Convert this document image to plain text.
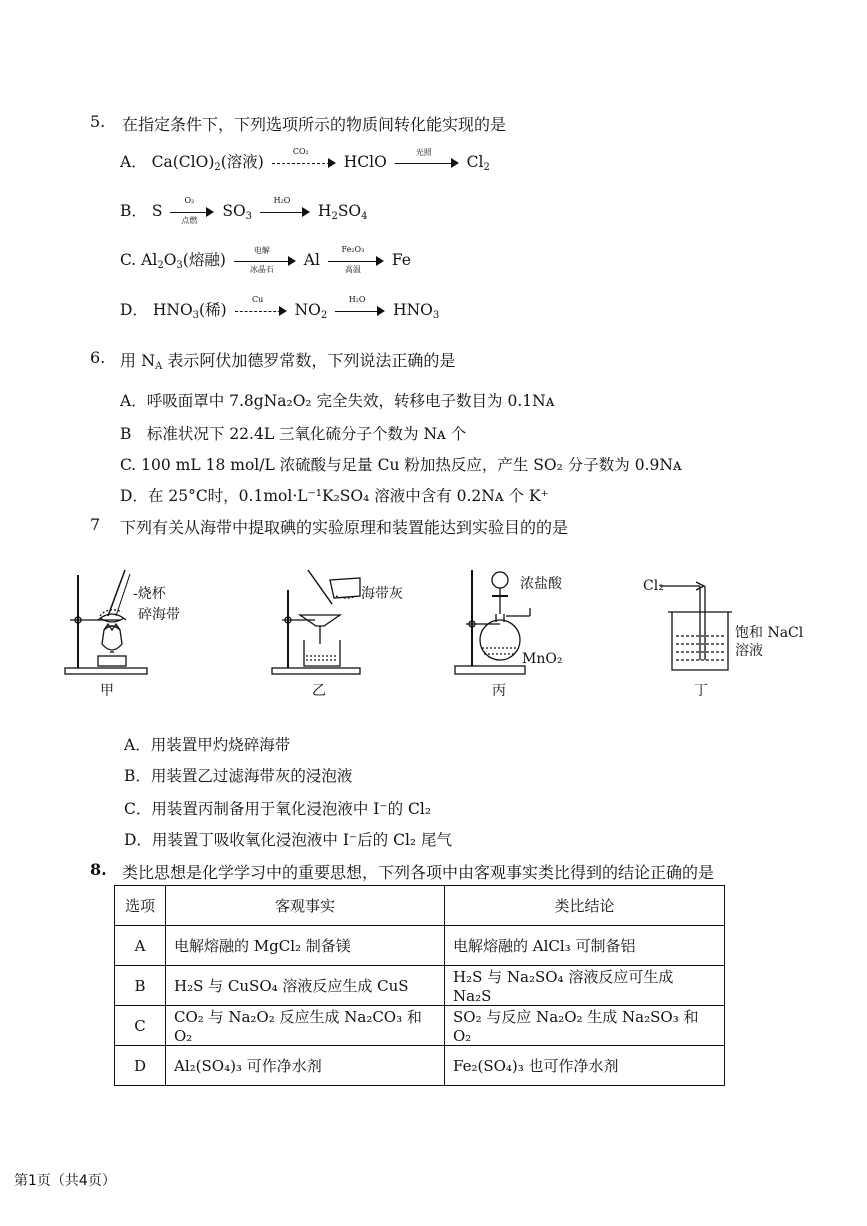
5. 在指定条件下，下列选项所示的物质间转化能实现的是
A． $Ca(ClO)_2$(溶液)
CO₂
HClO
光照
$Cl_2$
B． S
O₂
点燃
$SO_3$
H₂O
$H_2SO_4$
C. $Al_2O_3$(熔融)
电解
冰晶石
Al
Fe₂O₃
高温
Fe
D． $HNO_3$(稀)
Cu
$NO_2$
H₂O
$HNO_3$
6. 用 $N_A$ 表示阿伏加德罗常数，下列说法正确的是
A．呼吸面罩中 7.8gNa₂O₂ 完全失效，转移电子数目为 0.1Nᴀ
B　标准状况下 22.4L 三氧化硫分子个数为 Nᴀ 个
C. 100 mL 18 mol/L 浓硫酸与足量 Cu 粉加热反应，产生 SO₂ 分子数为 0.9Nᴀ
D．在 25°C时，0.1mol·L⁻¹K₂SO₄ 溶液中含有 0.2Nᴀ 个 K⁺
7 下列有关从海带中提取碘的实验原理和装置能达到实验目的的是
-烧杯
碎海带
海带灰
浓盐酸
MnO₂
Cl₂
饱和 NaCl
溶液
甲	乙	丙	丁
A．用装置甲灼烧碎海带
B．用装置乙过滤海带灰的浸泡液
C．用装置丙制备用于氧化浸泡液中 I⁻的 Cl₂
D．用装置丁吸收氧化浸泡液中 I⁻后的 Cl₂ 尾气
8. 类比思想是化学学习中的重要思想，下列各项中由客观事实类比得到的结论正确的是
选项	客观事实	类比结论
A	电解熔融的 MgCl₂ 制备镁	电解熔融的 AlCl₃ 可制备铝
B	H₂S 与 CuSO₄ 溶液反应生成 CuS	H₂S 与 Na₂SO₄ 溶液反应可生成 Na₂S
C	CO₂ 与 Na₂O₂ 反应生成 Na₂CO₃ 和 O₂	SO₂ 与反应 Na₂O₂ 生成 Na₂SO₃ 和 O₂
D	Al₂(SO₄)₃ 可作净水剂	Fe₂(SO₄)₃ 也可作净水剂
第1页（共4页）
